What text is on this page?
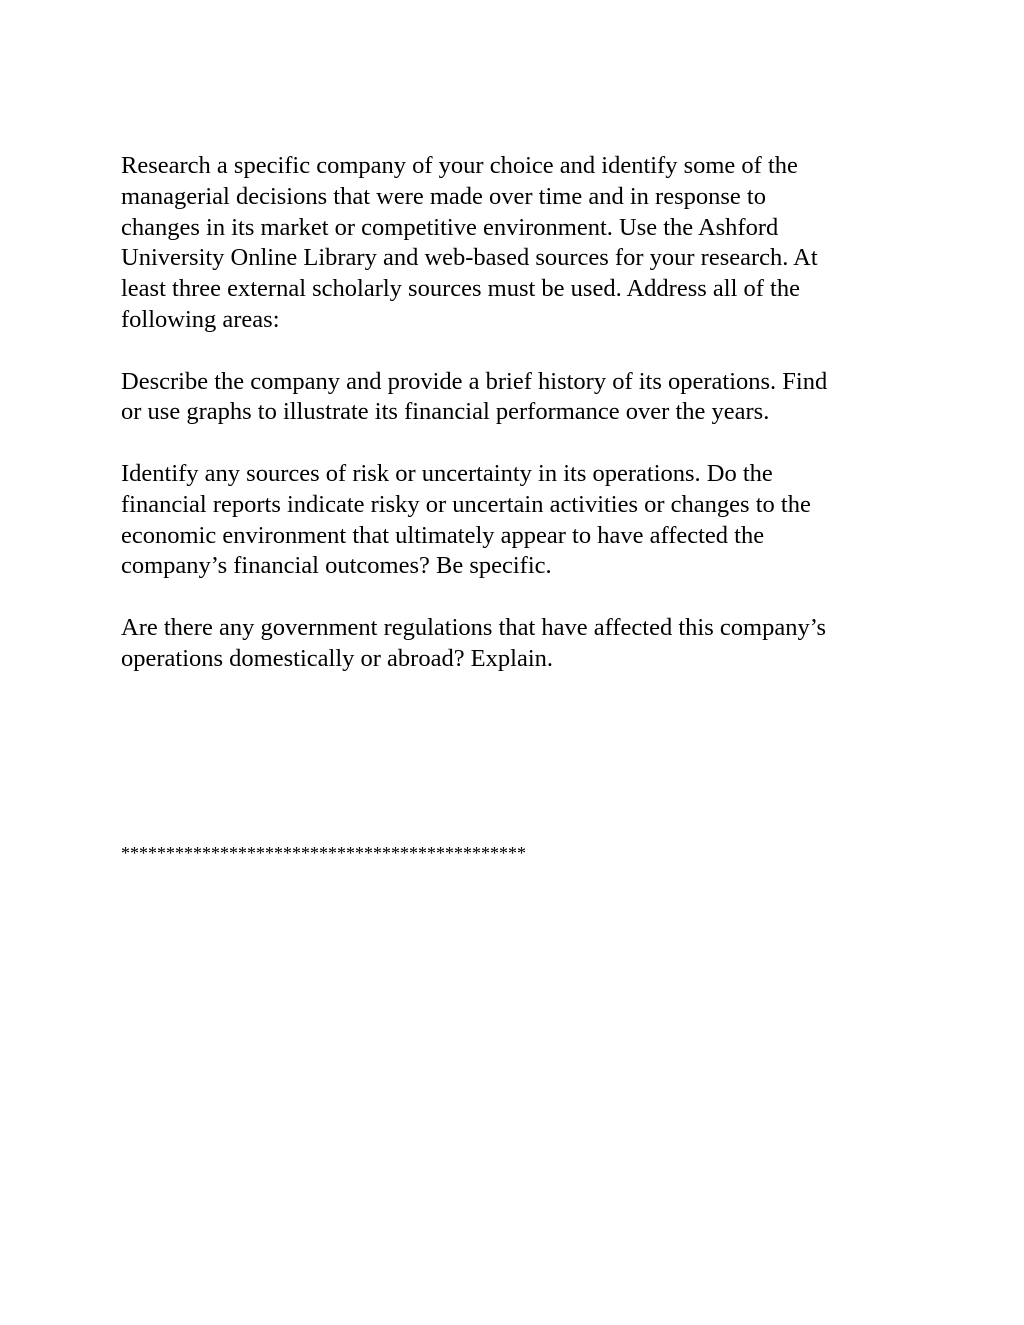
Research a specific company of your choice and identify some of the
managerial decisions that were made over time and in response to
changes in its market or competitive environment. Use the Ashford
University Online Library and web-based sources for your research. At
least three external scholarly sources must be used. Address all of the
following areas:

Describe the company and provide a brief history of its operations. Find
or use graphs to illustrate its financial performance over the years.

Identify any sources of risk or uncertainty in its operations. Do the
financial reports indicate risky or uncertain activities or changes to the
economic environment that ultimately appear to have affected the
company’s financial outcomes? Be specific.

Are there any government regulations that have affected this company’s
operations domestically or abroad? Explain.

*********************************************
